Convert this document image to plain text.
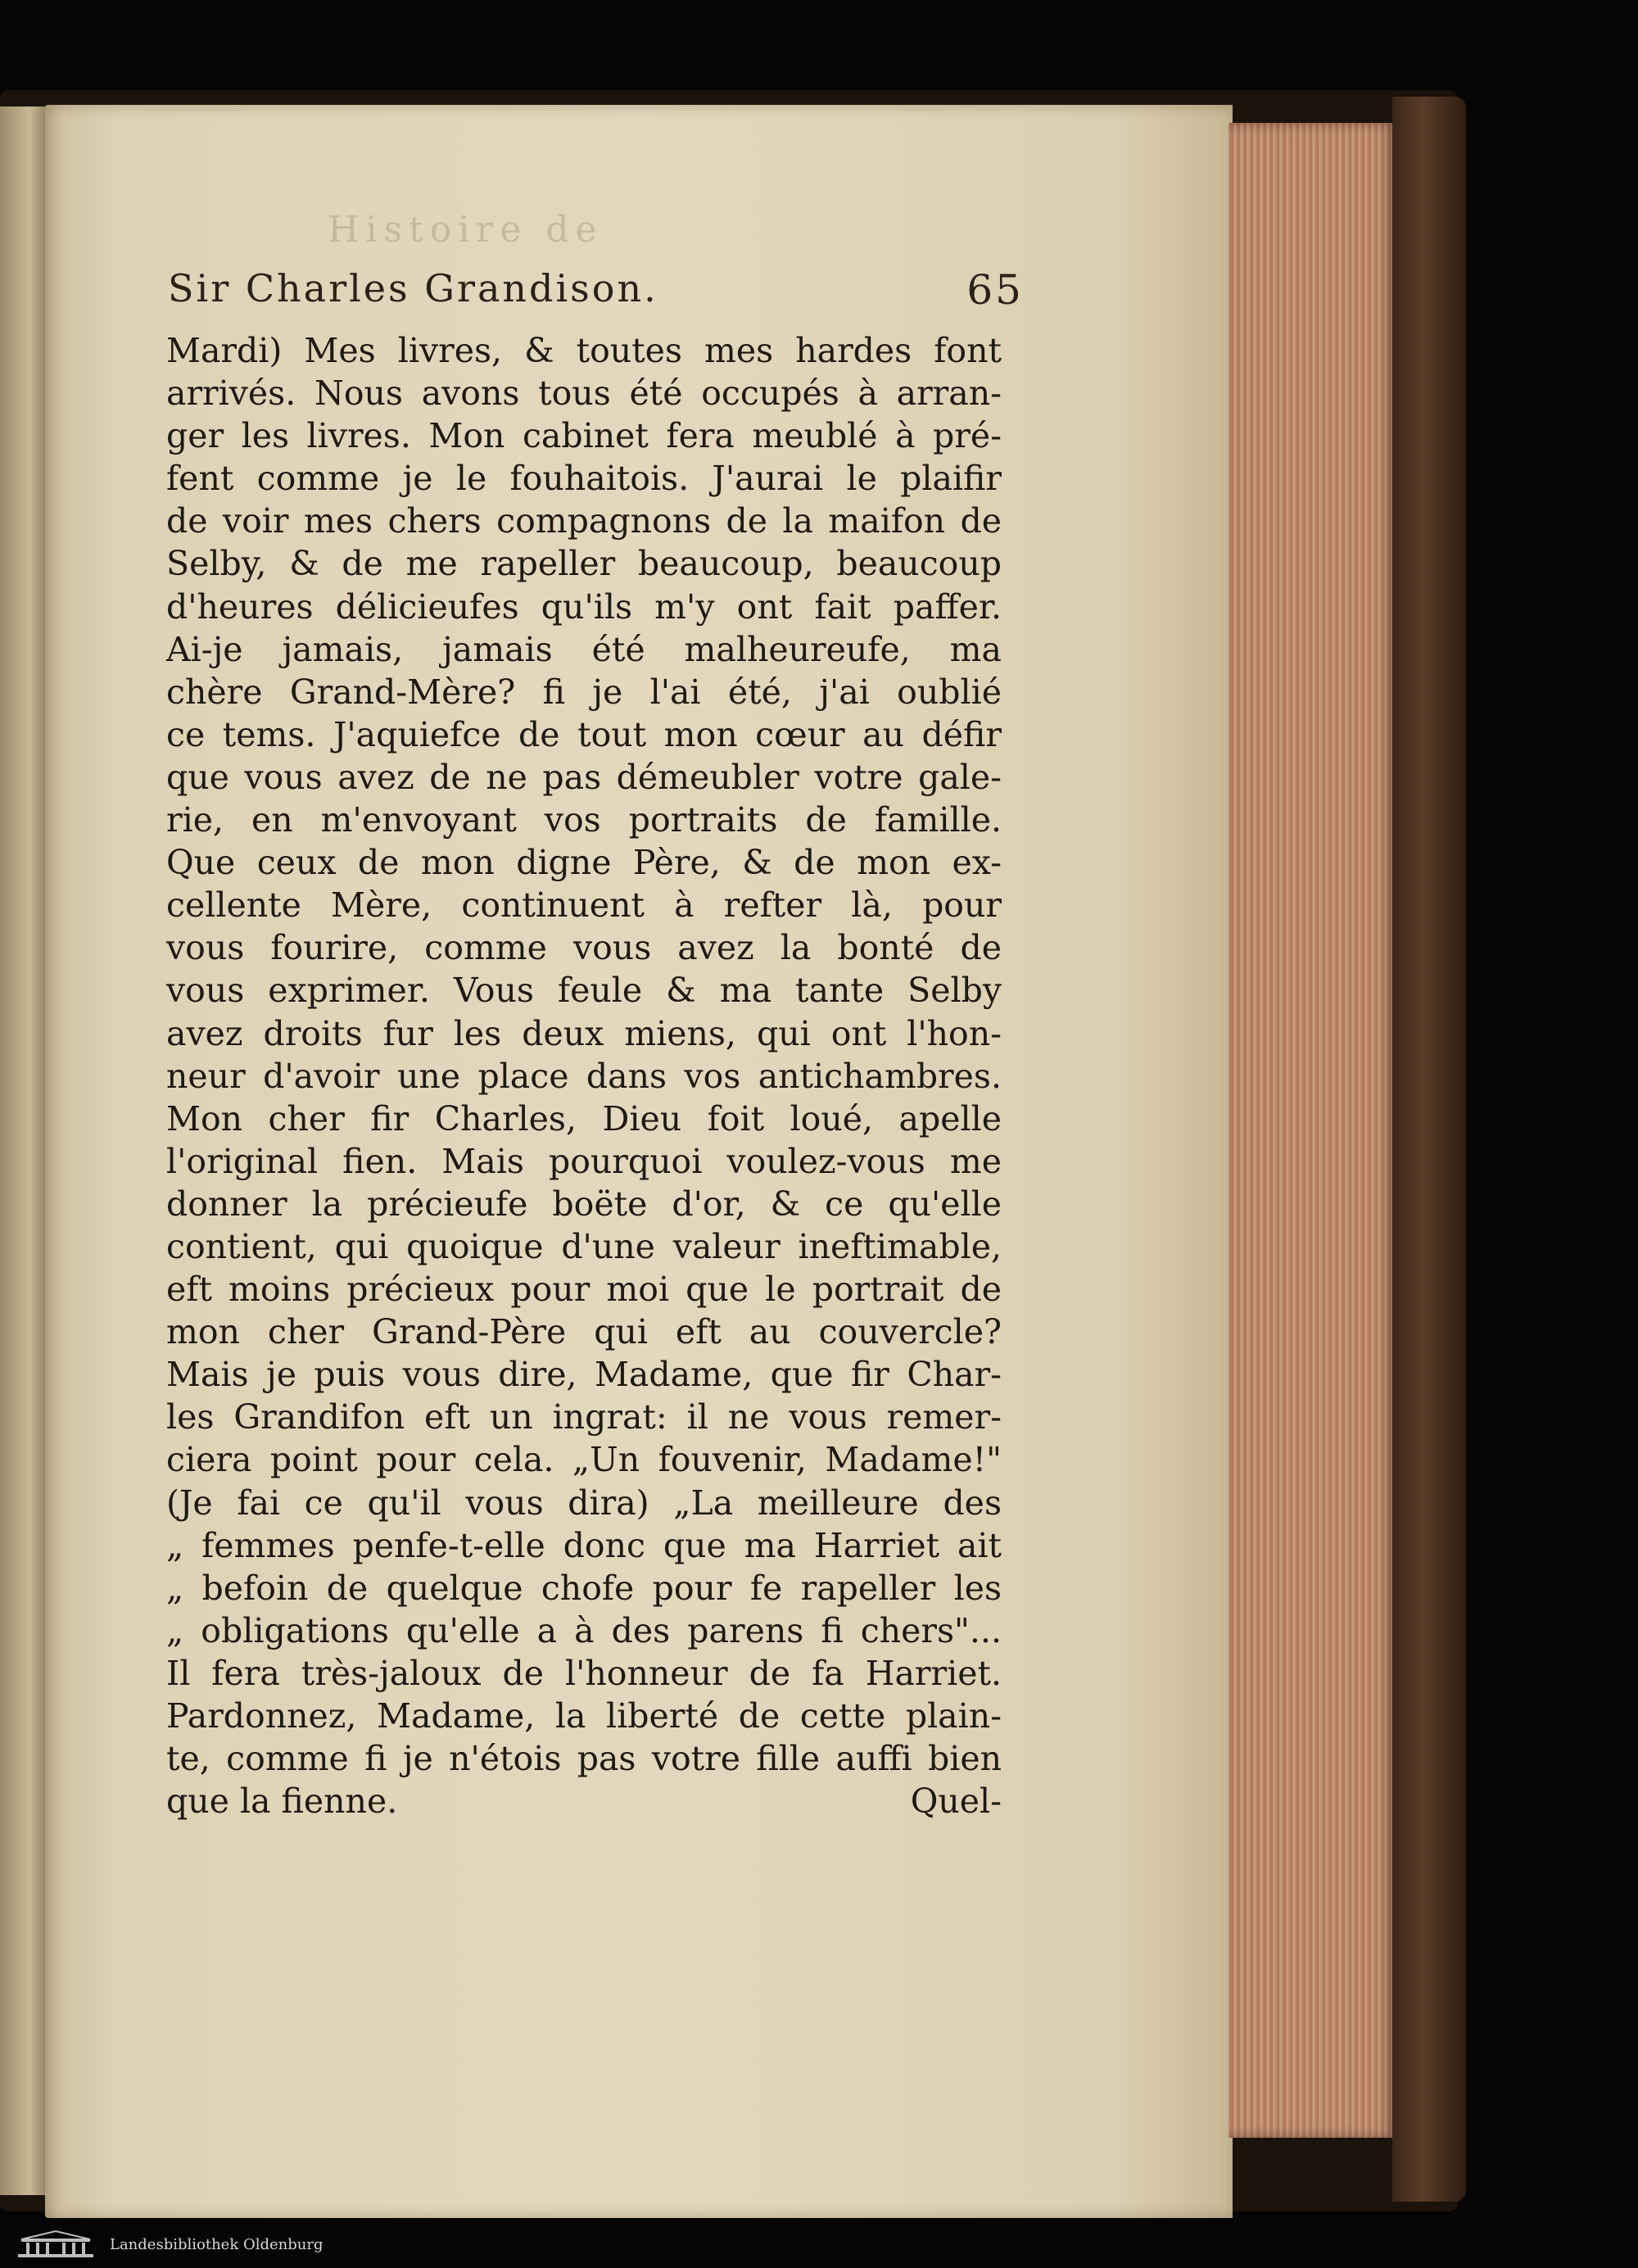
Histoire de
Sir Charles Grandison.	65
Mardi) Mes livres, & toutes mes hardes font
arrivés. Nous avons tous été occupés à arran-
ger les livres. Mon cabinet fera meublé à pré-
fent comme je le fouhaitois. J'aurai le plaifir
de voir mes chers compagnons de la maifon de
Selby, & de me rapeller beaucoup, beaucoup
d'heures délicieufes qu'ils m'y ont fait paffer.
Ai-je jamais, jamais été malheureufe, ma
chère Grand-Mère? fi je l'ai été, j'ai oublié
ce tems. J'aquiefce de tout mon cœur au défir
que vous avez de ne pas démeubler votre gale-
rie, en m'envoyant vos portraits de famille.
Que ceux de mon digne Père, & de mon ex-
cellente Mère, continuent à refter là, pour
vous fourire, comme vous avez la bonté de
vous exprimer. Vous feule & ma tante Selby
avez droits fur les deux miens, qui ont l'hon-
neur d'avoir une place dans vos antichambres.
Mon cher fir Charles, Dieu foit loué, apelle
l'original fien. Mais pourquoi voulez-vous me
donner la précieufe boëte d'or, & ce qu'elle
contient, qui quoique d'une valeur ineftimable,
eft moins précieux pour moi que le portrait de
mon cher Grand-Père qui eft au couvercle?
Mais je puis vous dire, Madame, que fir Char-
les Grandifon eft un ingrat: il ne vous remer-
ciera point pour cela. „Un fouvenir, Madame!"
(Je fai ce qu'il vous dira) „La meilleure des
„ femmes penfe-t-elle donc que ma Harriet ait
„ befoin de quelque chofe pour fe rapeller les
„ obligations qu'elle a à des parens fi chers"...
Il fera très-jaloux de l'honneur de fa Harriet.
Pardonnez, Madame, la liberté de cette plain-
te, comme fi je n'étois pas votre fille auffi bien
que la fienne.	Quel-
Landesbibliothek Oldenburg
